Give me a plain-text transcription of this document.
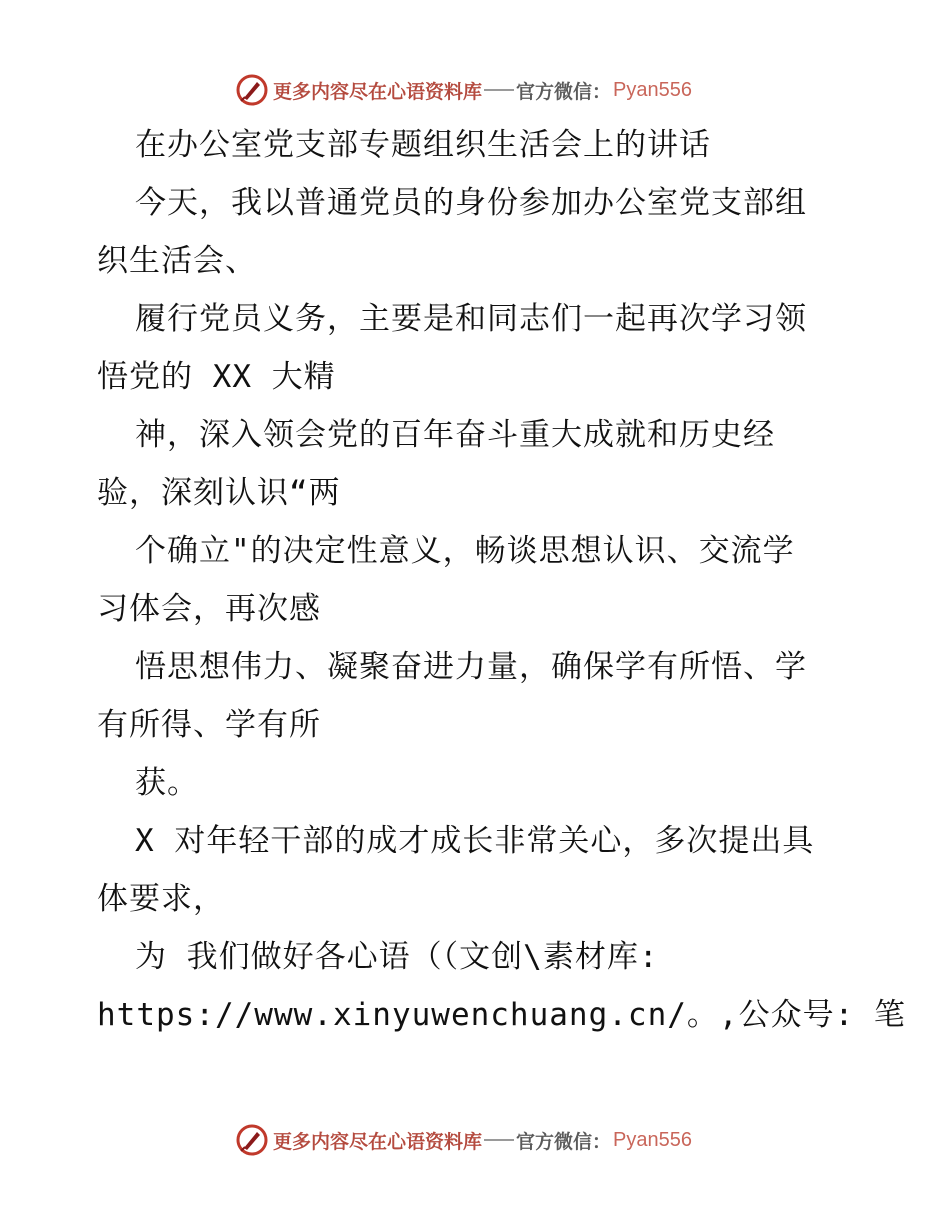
更多内容尽在心语资料库 官方微信： Pyan556
在办公室党支部专题组织生活会上的讲话
今天，我以普通党员的身份参加办公室党支部组
织生活会、
履行党员义务，主要是和同志们一起再次学习领
悟党的 XX 大精
神，深入领会党的百年奋斗重大成就和历史经
验，深刻认识“两
个确立"的决定性意义，畅谈思想认识、交流学
习体会，再次感
悟思想伟力、凝聚奋进力量，确保学有所悟、学
有所得、学有所
获。
X 对年轻干部的成才成长非常关心，多次提出具
体要求，
为 我们做好各心语（（文创\素材库:
https://www.xinyuwenchuang.cn/。,公众号: 笔
更多内容尽在心语资料库 官方微信： Pyan556
